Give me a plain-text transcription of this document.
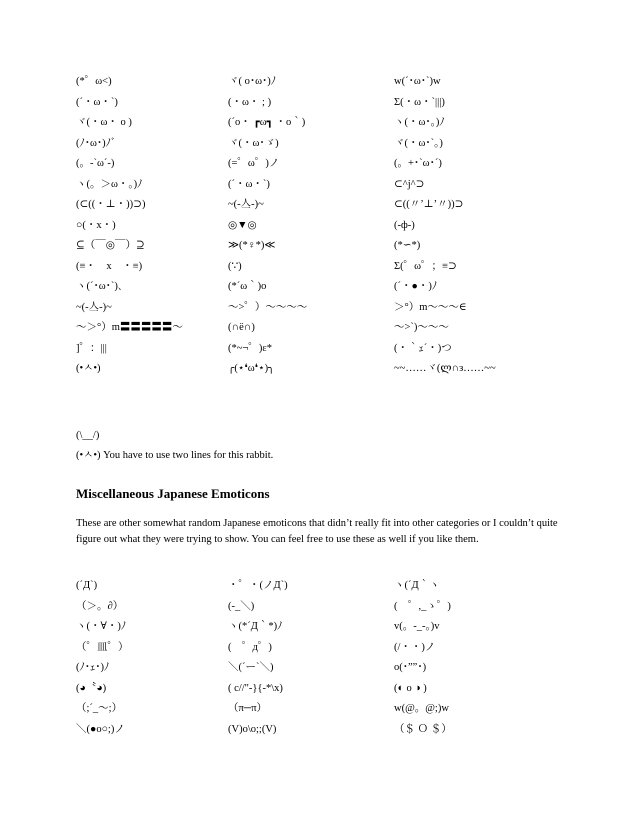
(*゜ω<)	ヾ( o･ω･)ﾉ	w(´･ω･`)w
(´・ω・`)	(・ω・ ; )	Σ(・ω・`|||)
ヾ(・ω・ o )	(´o・ ┏ω┓ ・o｀)	ヽ(・ω･。)ﾉ
(ﾉ･ω･)ﾉﾞ	ヾ(・ω･ゞ)	ヾ(・ω･`。)
(。-`ω´-)	(=゜ω゜)ノ	(。+･`ω･´)
ヽ(。＞ω・。)ﾉ	(´・ω・`)	⊂^j^⊃
(⊂((・⊥・))⊃)	~(-亼-)~	⊂((〃’⊥’〃))⊃
○(・x・)	◎▼◎	(-ф-)
⊆（￣◎￣）⊇	≫(*♀*)≪	(*∽*)
(≡・　x　・≡)	(∵)	Σ(゜ω゜；≡⊃
ヽ(´･ω･`)､	(*´ω｀)o	(´・●・)ﾉ
~(-亼-)~	〜>゜）〜〜〜〜	＞°）m〜〜〜∈
〜＞°）m〓〓〓〓〓〜	(∩ё∩)	〜>`)〜〜〜
]゜：|||	(*~¬゜)ε*	(・｀ｪ´・)つ
(•ㅅ•)	╭(⋆❛ω❛⋆)╮	~~……ヾ(ლ∩з……~~
(\__/)
(•ㅅ•) You have to use two lines for this rabbit.
Miscellaneous Japanese Emoticons
These are other somewhat random Japanese emoticons that didn’t really fit into other categories or I couldn’t quite figure out what they were trying to show. You can feel free to use these as well if you like them.
(´Д`)	・゜・(ノД`)	ヽ(´Д｀ヽ
（＞。∂）	(-_＼)	(　゜,_ゝ゜)
ヽ(・∀・)ﾉ	ヽ(*´Д｀*)ﾉ	v(。-_-。)v
（゜皿゜）	(　゜д゜)	(/・・)ノ
(ﾉ･ｪ･)ﾉ	＼(´ー`＼)	o(･””･)
(◕〝◕)	( c//"-}{-*\x)	(◐ o ◑ )
（;´_〜;）	（π─π）	w(@。@;)w
＼(●o○;)ノ	(V)o\o;;(V)	（＄ Ｏ ＄）
